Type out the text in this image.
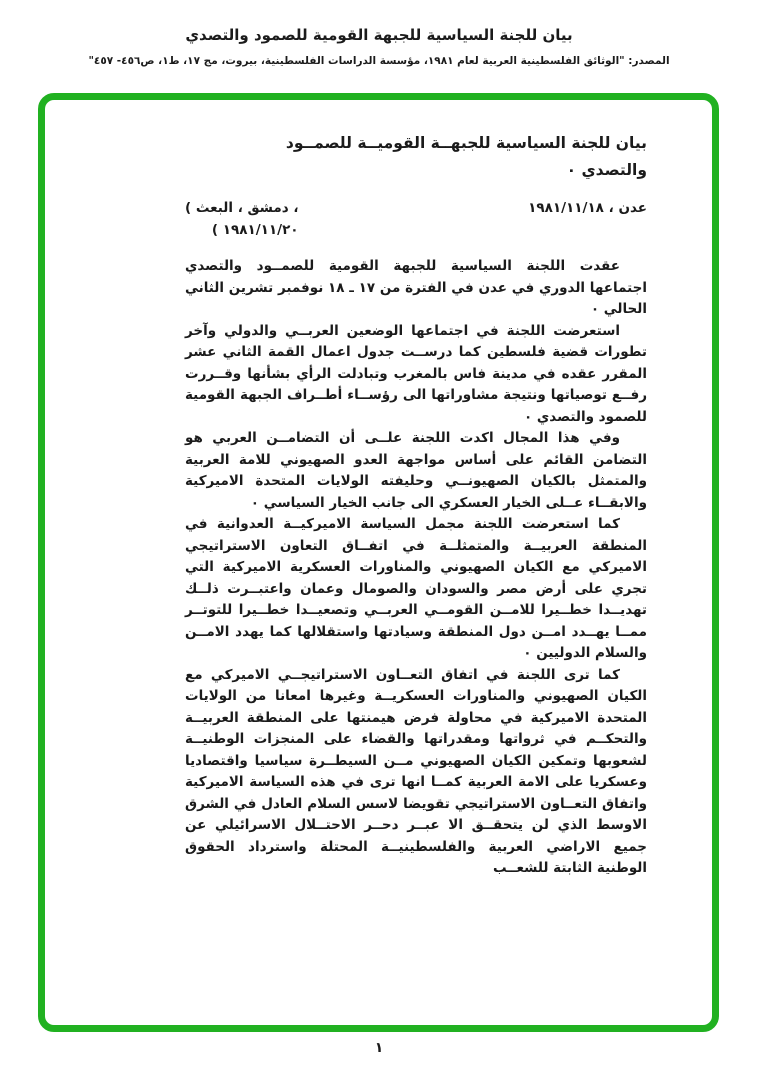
بيان للجنة السياسية للجبهة القومية للصمود والتصدي
المصدر: "الوثائق الفلسطينية العربية لعام ١٩٨١، مؤسسة الدراسات الفلسطينية، بيروت، مج ١٧، ط١، ص٤٥٦- ٤٥٧"
بيان للجنة السياسية للجبهــة القوميــة للصمــود
والتصدي ٠
عدن ، ١٩٨١/١١/١٨
، دمشق ، البعث )
١٩٨١/١١/٢٠ )

عقدت اللجنة السياسية للجبهة القومية للصمــود والتصدي اجتماعها الدوري في عدن في الفترة من ١٧ ـ ١٨ نوفمبر تشرين الثاني الحالي ٠

استعرضت اللجنة في اجتماعها الوضعين العربــي والدولي وآخر تطورات قضية فلسطين كما درســت جدول اعمال القمة الثاني عشر المقرر عقده في مدينة فاس بالمغرب وتبادلت الرأي بشأنها وقــررت رفــع توصياتها ونتيجة مشاوراتها الى رؤســاء أطــراف الجبهة القومية للصمود والتصدي ٠

وفي هذا المجال اكدت اللجنة علــى أن التضامــن العربي هو التضامن القائم على أساس مواجهة العدو الصهيوني للامة العربية والمتمثل بالكيان الصهيونــي وحليفته الولايات المتحدة الاميركية والابقــاء عــلى الخيار العسكري الى جانب الخيار السياسي ٠

كما استعرضت اللجنة مجمل السياسة الاميركيــة العدوانية في المنطقة العربيــة والمتمثلــة في اتفــاق التعاون الاستراتيجي الاميركي مع الكيان الصهيوني والمناورات العسكرية الاميركية التي تجري على أرض مصر والسودان والصومال وعمان واعتبــرت ذلــك تهديــدا خطــيرا للامــن القومــي العربــي وتصعيــدا خطــيرا للتوتــر ممــا يهــدد امــن دول المنطقة وسيادتها واستقلالها كما يهدد الامــن والسلام الدوليين ٠

كما ترى اللجنة في اتفاق التعــاون الاستراتيجــي الاميركي مع الكيان الصهيوني والمناورات العسكريــة وغيرها امعانا من الولايات المتحدة الاميركية في محاولة فرض هيمنتها على المنطقة العربيــة والتحكــم في ثرواتها ومقدراتها والقضاء على المنجزات الوطنيــة لشعوبها وتمكين الكيان الصهيوني مــن السيطــرة سياسيا واقتصاديا وعسكريا على الامة العربية كمــا انها ترى في هذه السياسة الاميركية واتفاق التعــاون الاستراتيجي تقويضا لاسس السلام العادل في الشرق الاوسط الذي لن يتحقــق الا عبــر دحــر الاحتــلال الاسرائيلي عن جميع الاراضي العربية والفلسطينيــة المحتلة واسترداد الحقوق الوطنية الثابتة للشعــب

١
